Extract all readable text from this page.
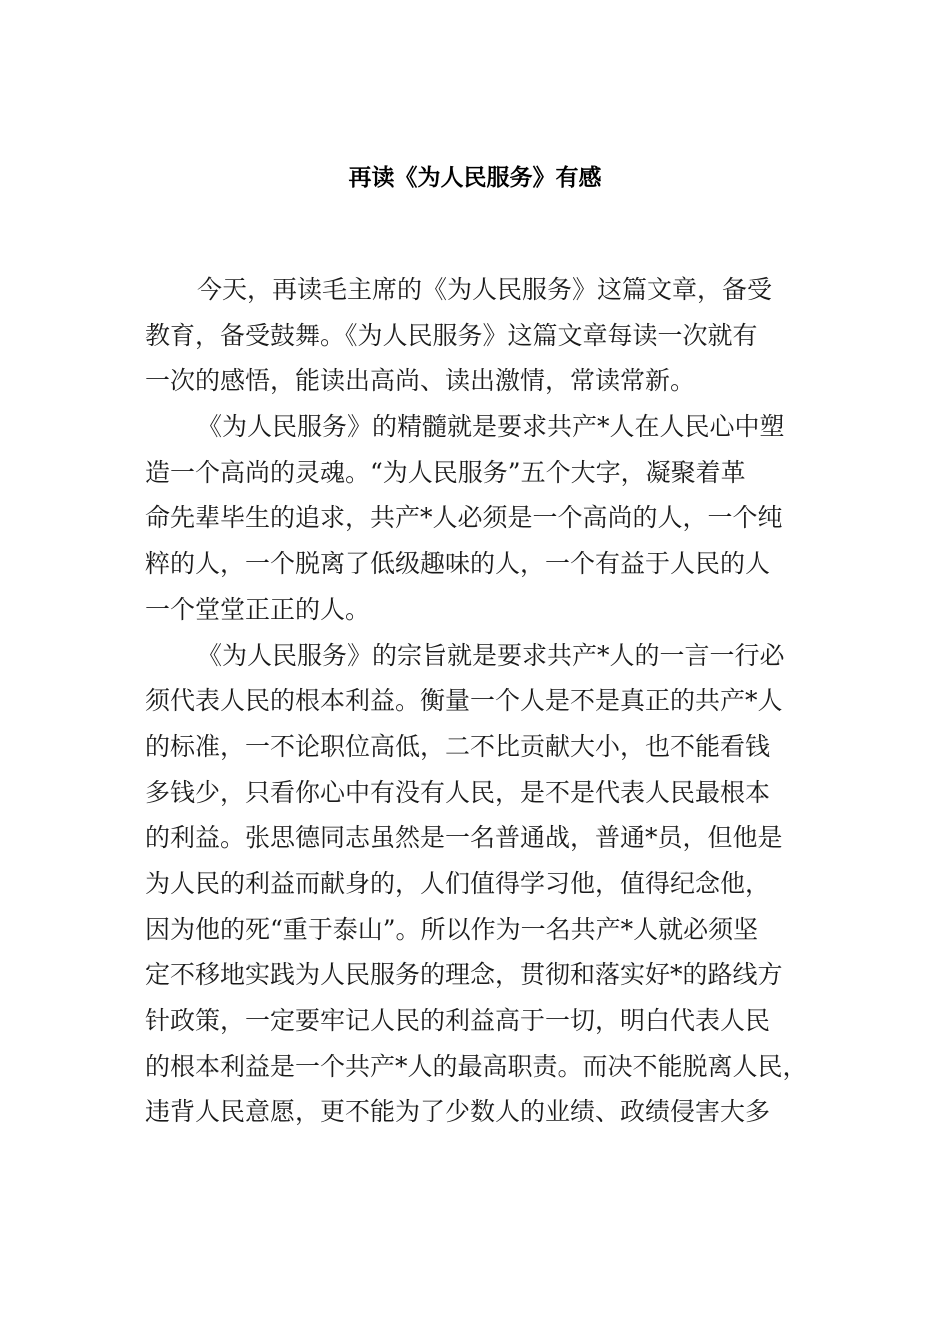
再读《为人民服务》有感
今天，再读毛主席的《为人民服务》这篇文章，备受
教育，备受鼓舞。《为人民服务》这篇文章每读一次就有
一次的感悟，能读出高尚、读出激情，常读常新。
《为人民服务》的精髓就是要求共产*人在人民心中塑
造一个高尚的灵魂。“为人民服务”五个大字，凝聚着革
命先辈毕生的追求，共产*人必须是一个高尚的人，一个纯
粹的人，一个脱离了低级趣味的人，一个有益于人民的人
一个堂堂正正的人。
《为人民服务》的宗旨就是要求共产*人的一言一行必
须代表人民的根本利益。衡量一个人是不是真正的共产*人
的标准，一不论职位高低，二不比贡献大小，也不能看钱
多钱少，只看你心中有没有人民，是不是代表人民最根本
的利益。张思德同志虽然是一名普通战，普通*员，但他是
为人民的利益而献身的，人们值得学习他，值得纪念他，
因为他的死“重于泰山”。所以作为一名共产*人就必须坚
定不移地实践为人民服务的理念，贯彻和落实好*的路线方
针政策，一定要牢记人民的利益高于一切，明白代表人民
的根本利益是一个共产*人的最高职责。而决不能脱离人民，
违背人民意愿，更不能为了少数人的业绩、政绩侵害大多
